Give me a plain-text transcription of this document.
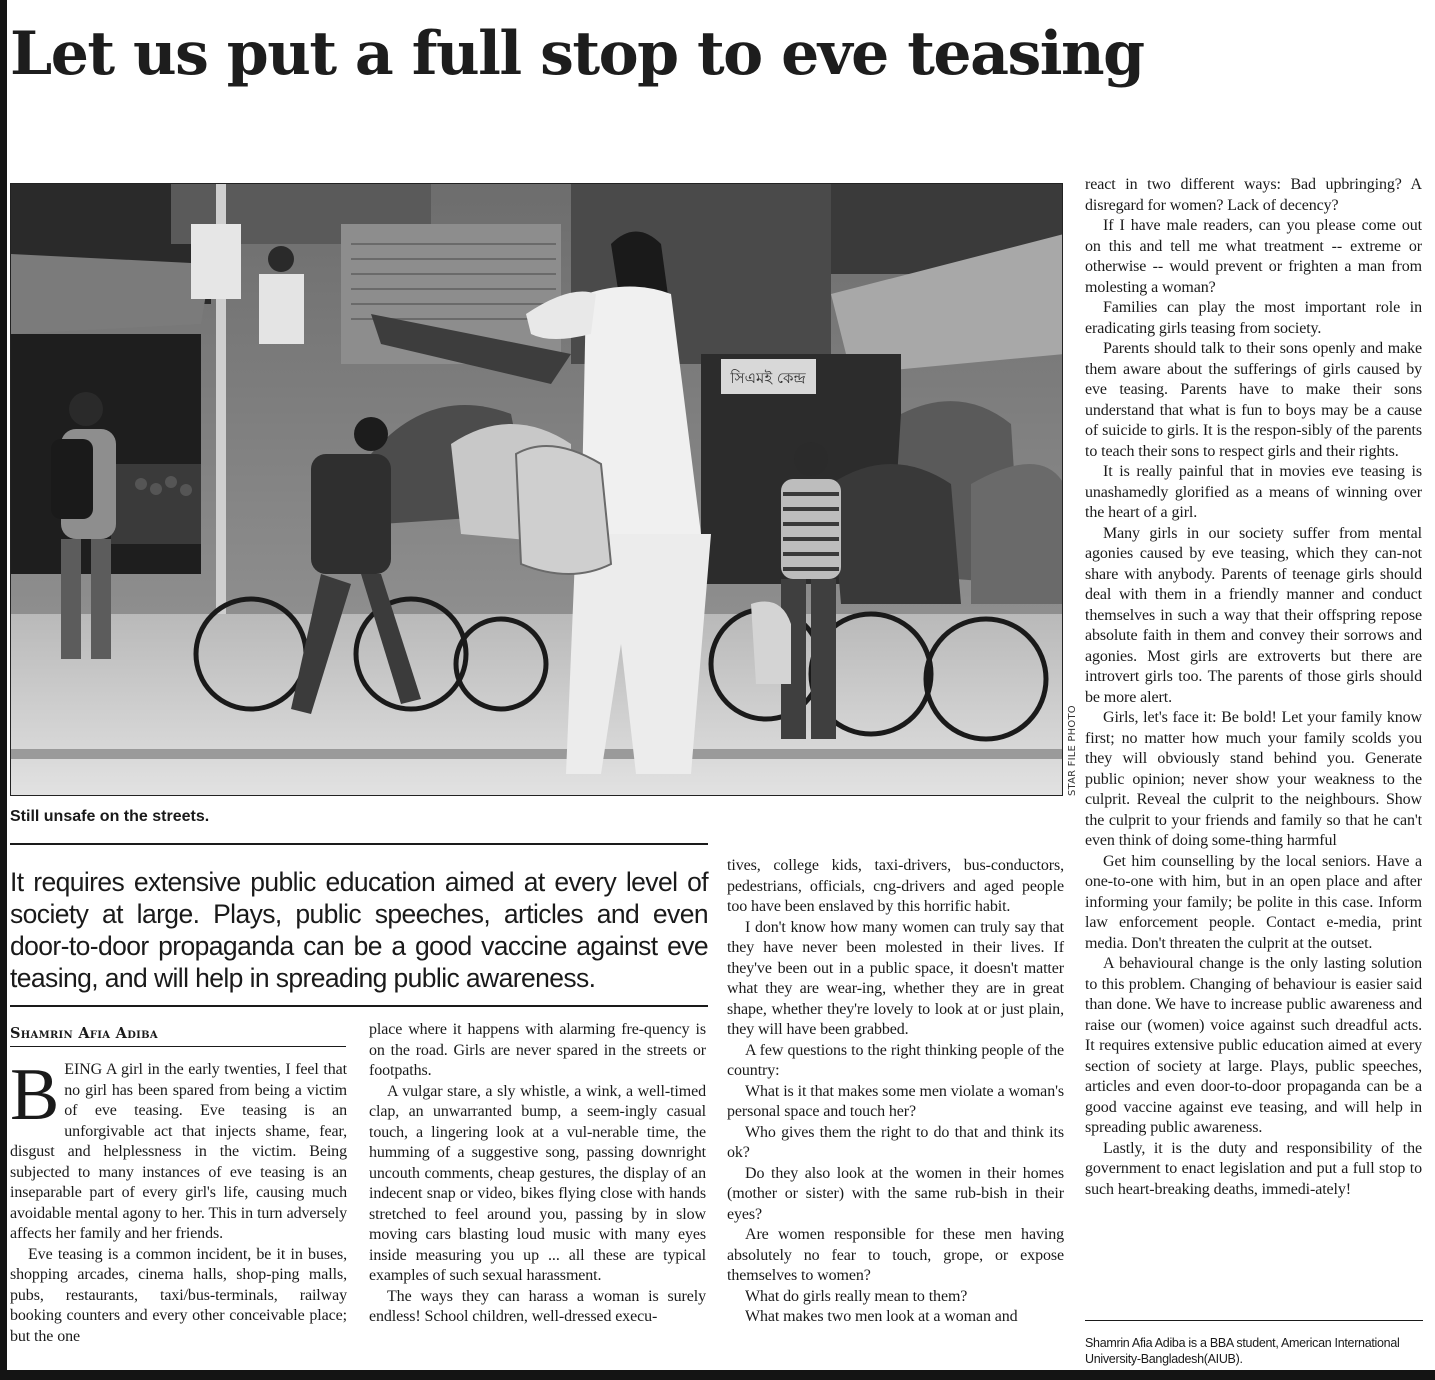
Let us put a full stop to eve teasing
সিএমই কেন্দ্র
STAR FILE PHOTO
Still unsafe on the streets.
It requires extensive public education aimed at every level of society at large. Plays, public speeches, articles and even door-to-door propaganda can be a good vaccine against eve teasing, and will help in spreading public awareness.
Shamrin Afia Adiba

BEING A girl in the early twenties, I feel that no girl has been spared from being a victim of eve teasing. Eve teasing is an unforgivable act that injects shame, fear, disgust and helplessness in the victim. Being subjected to many instances of eve teasing is an inseparable part of every girl's life, causing much avoidable mental agony to her. This in turn adversely affects her family and her friends.

Eve teasing is a common incident, be it in buses, shopping arcades, cinema halls, shop-ping malls, pubs, restaurants, taxi/bus-terminals, railway booking counters and every other conceivable place; but the one

place where it happens with alarming fre-quency is on the road. Girls are never spared in the streets or footpaths.

A vulgar stare, a sly whistle, a wink, a well-timed clap, an unwarranted bump, a seem-ingly casual touch, a lingering look at a vul-nerable time, the humming of a suggestive song, passing downright uncouth comments, cheap gestures, the display of an indecent snap or video, bikes flying close with hands stretched to feel around you, passing by in slow moving cars blasting loud music with many eyes inside measuring you up ... all these are typical examples of such sexual harassment.

The ways they can harass a woman is surely endless! School children, well-dressed execu-

tives, college kids, taxi-drivers, bus-conductors, pedestrians, officials, cng-drivers and aged people too have been enslaved by this horrific habit.

I don't know how many women can truly say that they have never been molested in their lives. If they've been out in a public space, it doesn't matter what they are wear-ing, whether they are in great shape, whether they're lovely to look at or just plain, they will have been grabbed.

A few questions to the right thinking people of the country:

What is it that makes some men violate a woman's personal space and touch her?

Who gives them the right to do that and think its ok?

Do they also look at the women in their homes (mother or sister) with the same rub-bish in their eyes?

Are women responsible for these men having absolutely no fear to touch, grope, or expose themselves to women?

What do girls really mean to them?

What makes two men look at a woman and

react in two different ways: Bad upbringing? A disregard for women? Lack of decency?

If I have male readers, can you please come out on this and tell me what treatment -- extreme or otherwise -- would prevent or frighten a man from molesting a woman?

Families can play the most important role in eradicating girls teasing from society.

Parents should talk to their sons openly and make them aware about the sufferings of girls caused by eve teasing. Parents have to make their sons understand that what is fun to boys may be a cause of suicide to girls. It is the respon-sibly of the parents to teach their sons to respect girls and their rights.

It is really painful that in movies eve teasing is unashamedly glorified as a means of winning over the heart of a girl.

Many girls in our society suffer from mental agonies caused by eve teasing, which they can-not share with anybody. Parents of teenage girls should deal with them in a friendly manner and conduct themselves in such a way that their offspring repose absolute faith in them and convey their sorrows and agonies. Most girls are extroverts but there are introvert girls too. The parents of those girls should be more alert.

Girls, let's face it: Be bold! Let your family know first; no matter how much your family scolds you they will obviously stand behind you. Generate public opinion; never show your weakness to the culprit. Reveal the culprit to the neighbours. Show the culprit to your friends and family so that he can't even think of doing some-thing harmful

Get him counselling by the local seniors. Have a one-to-one with him, but in an open place and after informing your family; be polite in this case. Inform law enforcement people. Contact e-media, print media. Don't threaten the culprit at the outset.

A behavioural change is the only lasting solution to this problem. Changing of behaviour is easier said than done. We have to increase public awareness and raise our (women) voice against such dreadful acts. It requires extensive public education aimed at every section of society at large. Plays, public speeches, articles and even door-to-door propaganda can be a good vaccine against eve teasing, and will help in spreading public awareness.

Lastly, it is the duty and responsibility of the government to enact legislation and put a full stop to such heart-breaking deaths, immedi-ately!

Shamrin Afia Adiba is a BBA student, American International University-Bangladesh(AIUB).
